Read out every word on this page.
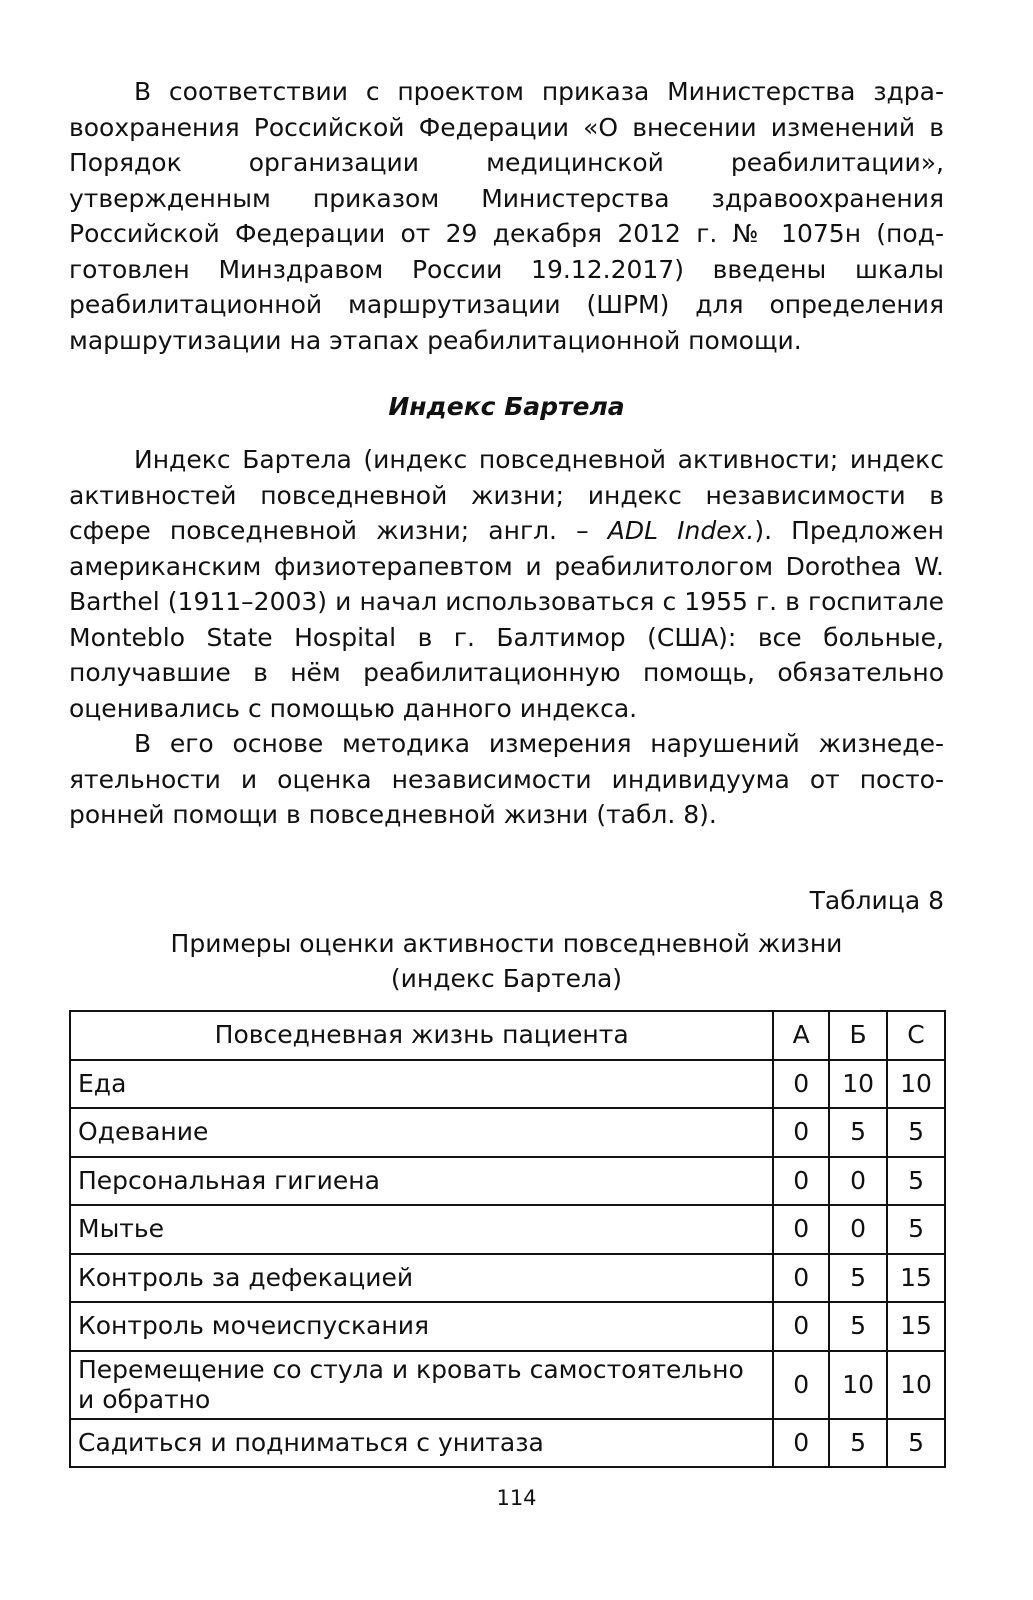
В соответствии с проектом приказа Министерства здравоохранения Российской Федерации «О внесении изменений в Порядок организации медицинской реабилитации», утвержденным приказом Министерства здравоохранения Российской Федерации от 29 декабря 2012 г. № 1075н (подготовлен Минздравом России 19.12.2017) введены шкалы реабилитационной маршрутизации (ШРМ) для определения маршрутизации на этапах реабилитационной помощи.

Индекс Бартела

Индекс Бартела (индекс повседневной активности; индекс активностей повседневной жизни; индекс независимости в сфере повседневной жизни; англ. – ADL Index.). Предложен американским физиотерапевтом и реабилитологом Dorothea W. Barthel (1911–2003) и начал использоваться с 1955 г. в госпитале Monteblo State Hospital в г. Балтимор (США): все больные, получавшие в нём реабилитационную помощь, обязательно оценивались с помощью данного индекса.

В его основе методика измерения нарушений жизнедеятельности и оценка независимости индивидуума от посторонней помощи в повседневной жизни (табл. 8).

Таблица 8

Примеры оценки активности повседневной жизни
(индекс Бартела)

Повседневная жизнь пациента	А	Б	С
Еда	0	10	10
Одевание	0	5	5
Персональная гигиена	0	0	5
Мытье	0	0	5
Контроль за дефекацией	0	5	15
Контроль мочеиспускания	0	5	15
Перемещение со стула и кровать самостоятельно и обратно	0	10	10
Садиться и подниматься с унитаза	0	5	5

114
